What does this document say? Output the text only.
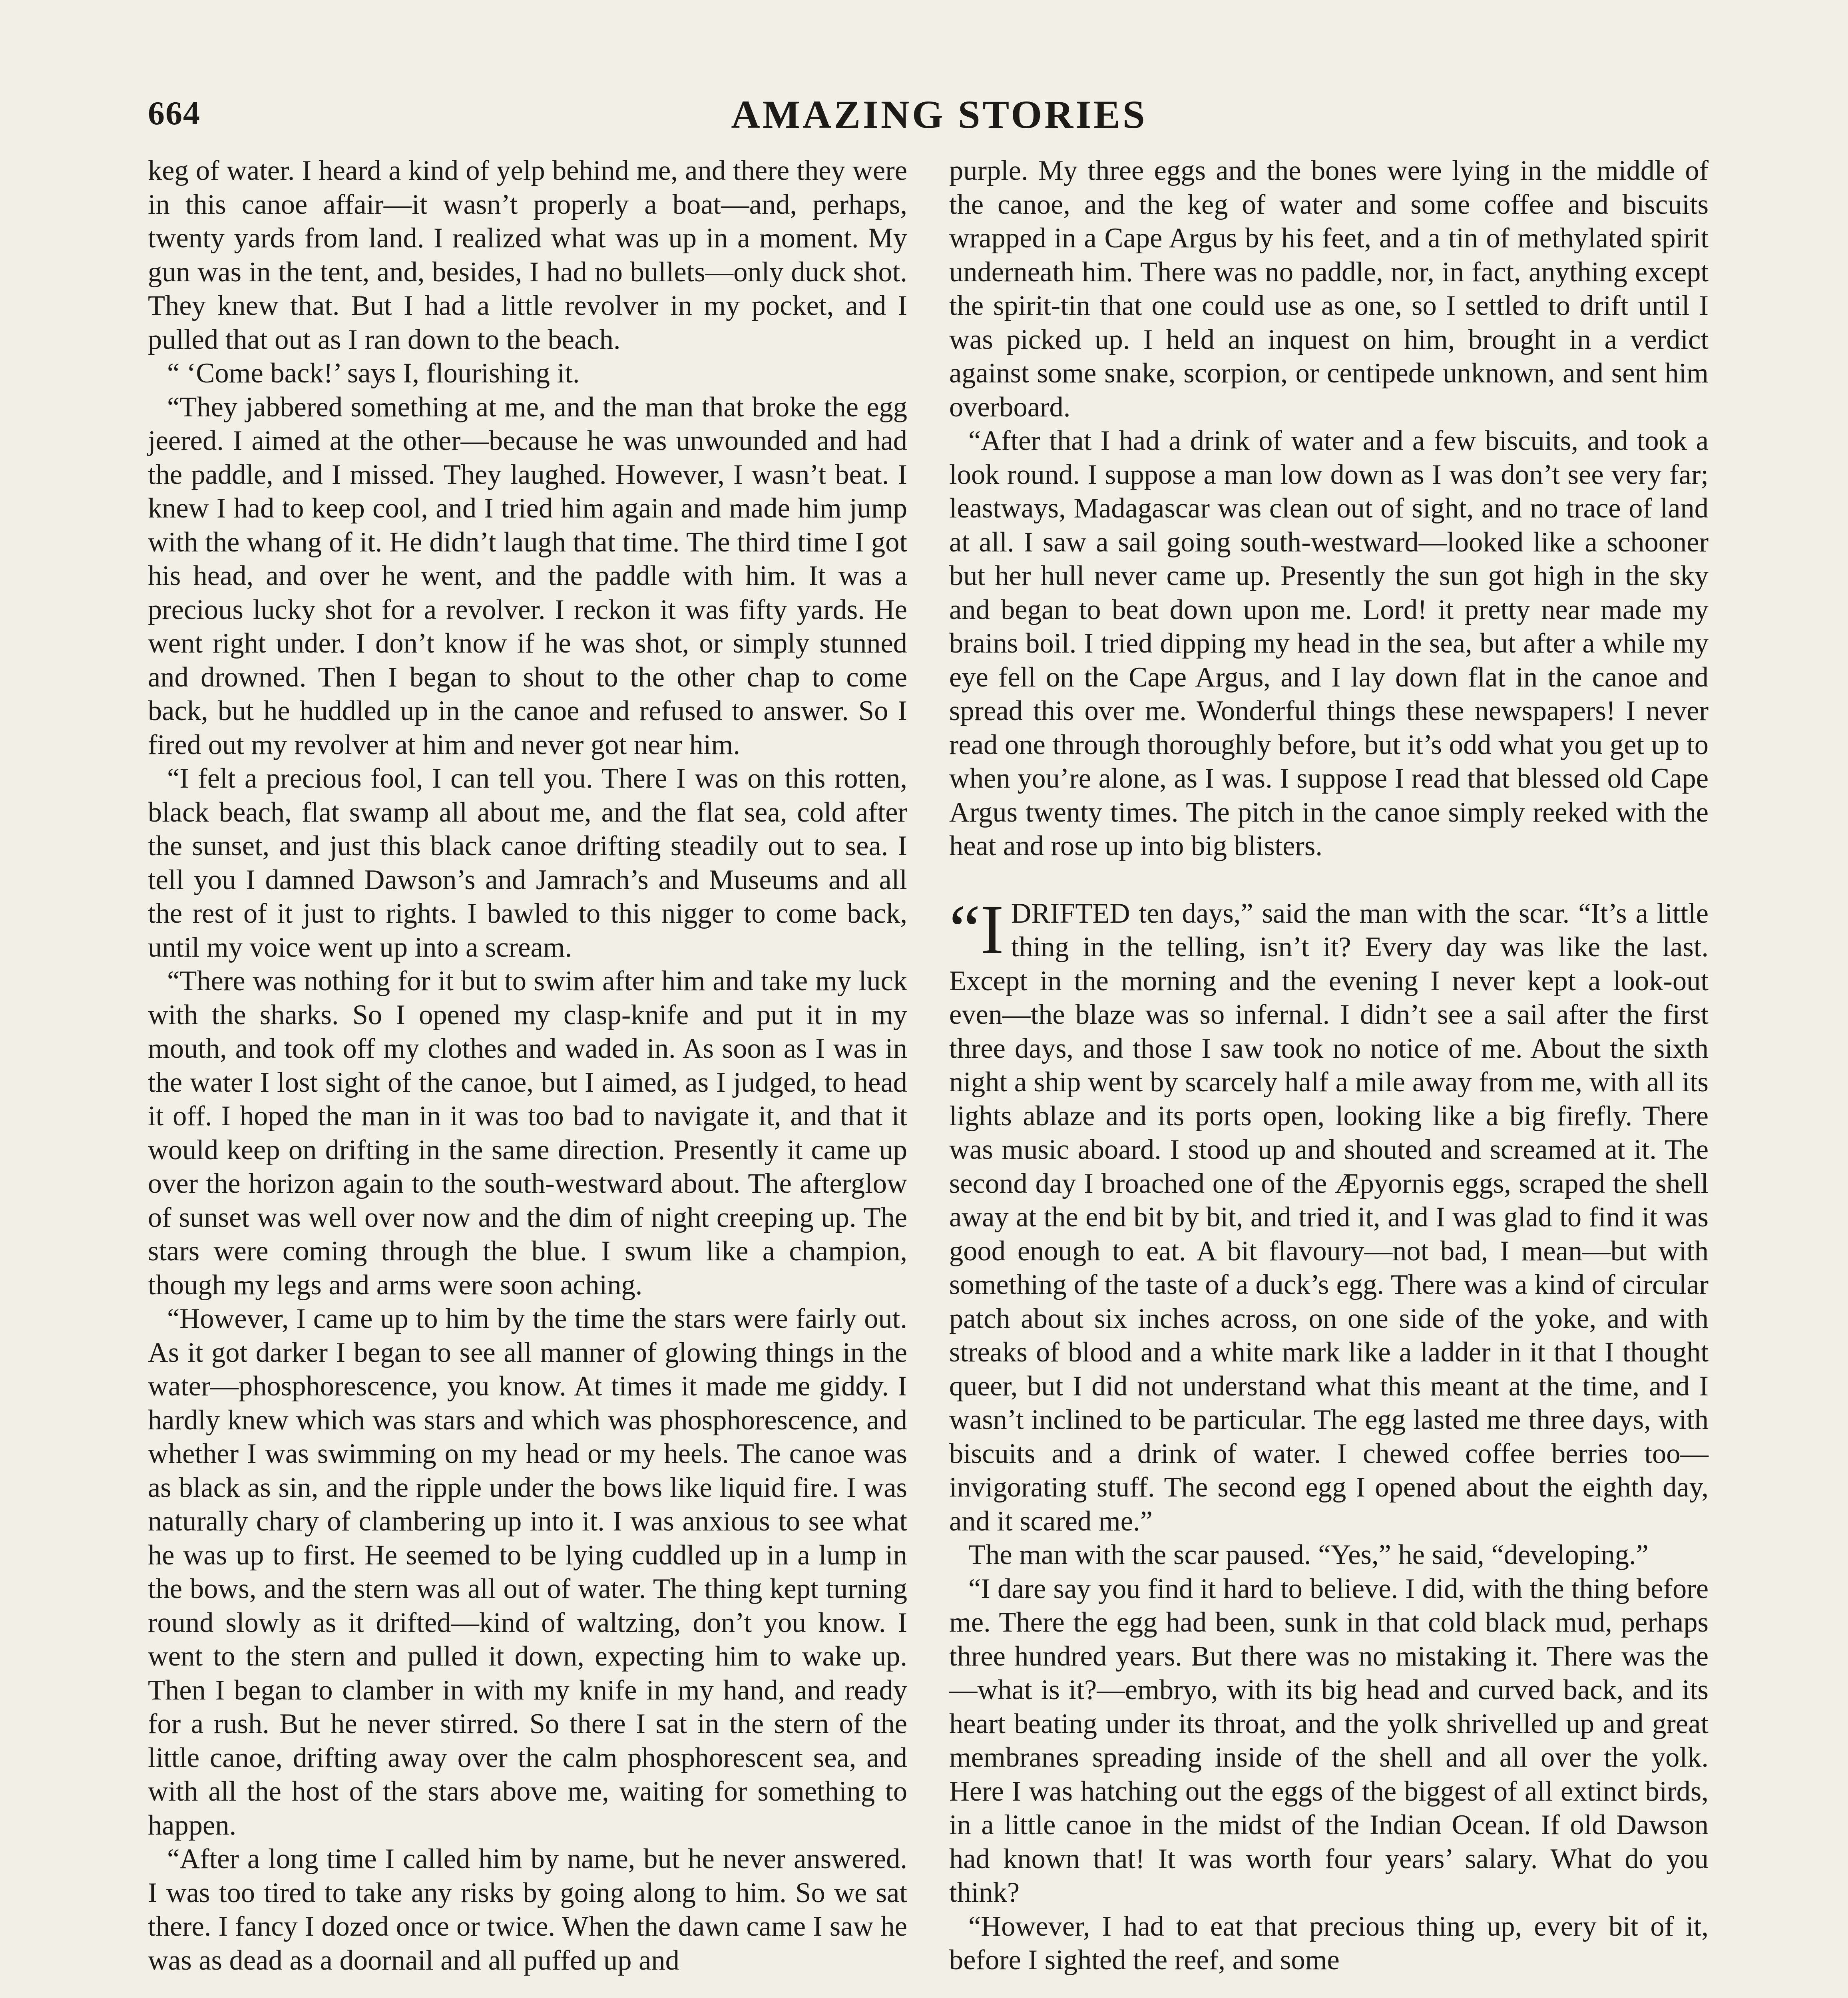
664	AMAZING STORIES

keg of water. I heard a kind of yelp behind me, and there they were in this canoe affair—it wasn’t properly a boat—and, perhaps, twenty yards from land. I realized what was up in a moment. My gun was in the tent, and, besides, I had no bullets—only duck shot. They knew that. But I had a little revolver in my pocket, and I pulled that out as I ran down to the beach.

“ ‘Come back!’ says I, flourishing it.

“They jabbered something at me, and the man that broke the egg jeered. I aimed at the other—because he was unwounded and had the paddle, and I missed. They laughed. However, I wasn’t beat. I knew I had to keep cool, and I tried him again and made him jump with the whang of it. He didn’t laugh that time. The third time I got his head, and over he went, and the paddle with him. It was a precious lucky shot for a revolver. I reckon it was fifty yards. He went right under. I don’t know if he was shot, or simply stunned and drowned. Then I began to shout to the other chap to come back, but he huddled up in the canoe and refused to answer. So I fired out my revolver at him and never got near him.

“I felt a precious fool, I can tell you. There I was on this rotten, black beach, flat swamp all about me, and the flat sea, cold after the sunset, and just this black canoe drifting steadily out to sea. I tell you I damned Dawson’s and Jamrach’s and Museums and all the rest of it just to rights. I bawled to this nigger to come back, until my voice went up into a scream.

“There was nothing for it but to swim after him and take my luck with the sharks. So I opened my clasp-knife and put it in my mouth, and took off my clothes and waded in. As soon as I was in the water I lost sight of the canoe, but I aimed, as I judged, to head it off. I hoped the man in it was too bad to navigate it, and that it would keep on drifting in the same direction. Presently it came up over the horizon again to the south-westward about. The afterglow of sunset was well over now and the dim of night creeping up. The stars were coming through the blue. I swum like a champion, though my legs and arms were soon aching.

“However, I came up to him by the time the stars were fairly out. As it got darker I began to see all manner of glowing things in the water—phosphorescence, you know. At times it made me giddy. I hardly knew which was stars and which was phosphorescence, and whether I was swimming on my head or my heels. The canoe was as black as sin, and the ripple under the bows like liquid fire. I was naturally chary of clambering up into it. I was anxious to see what he was up to first. He seemed to be lying cuddled up in a lump in the bows, and the stern was all out of water. The thing kept turning round slowly as it drifted—kind of waltzing, don’t you know. I went to the stern and pulled it down, expecting him to wake up. Then I began to clamber in with my knife in my hand, and ready for a rush. But he never stirred. So there I sat in the stern of the little canoe, drifting away over the calm phosphorescent sea, and with all the host of the stars above me, waiting for something to happen.

“After a long time I called him by name, but he never answered. I was too tired to take any risks by going along to him. So we sat there. I fancy I dozed once or twice. When the dawn came I saw he was as dead as a doornail and all puffed up and

purple. My three eggs and the bones were lying in the middle of the canoe, and the keg of water and some coffee and biscuits wrapped in a Cape Argus by his feet, and a tin of methylated spirit underneath him. There was no paddle, nor, in fact, anything except the spirit-tin that one could use as one, so I settled to drift until I was picked up. I held an inquest on him, brought in a verdict against some snake, scorpion, or centipede unknown, and sent him overboard.

“After that I had a drink of water and a few biscuits, and took a look round. I suppose a man low down as I was don’t see very far; leastways, Madagascar was clean out of sight, and no trace of land at all. I saw a sail going south-westward—looked like a schooner but her hull never came up. Presently the sun got high in the sky and began to beat down upon me. Lord! it pretty near made my brains boil. I tried dipping my head in the sea, but after a while my eye fell on the Cape Argus, and I lay down flat in the canoe and spread this over me. Wonderful things these newspapers! I never read one through thoroughly before, but it’s odd what you get up to when you’re alone, as I was. I suppose I read that blessed old Cape Argus twenty times. The pitch in the canoe simply reeked with the heat and rose up into big blisters.

“IDRIFTED ten days,” said the man with the scar. “It’s a little thing in the telling, isn’t it? Every day was like the last. Except in the morning and the evening I never kept a look-out even—the blaze was so infernal. I didn’t see a sail after the first three days, and those I saw took no notice of me. About the sixth night a ship went by scarcely half a mile away from me, with all its lights ablaze and its ports open, looking like a big firefly. There was music aboard. I stood up and shouted and screamed at it. The second day I broached one of the Æpyornis eggs, scraped the shell away at the end bit by bit, and tried it, and I was glad to find it was good enough to eat. A bit flavoury—not bad, I mean—but with something of the taste of a duck’s egg. There was a kind of circular patch about six inches across, on one side of the yoke, and with streaks of blood and a white mark like a ladder in it that I thought queer, but I did not understand what this meant at the time, and I wasn’t inclined to be particular. The egg lasted me three days, with biscuits and a drink of water. I chewed coffee berries too—invigorating stuff. The second egg I opened about the eighth day, and it scared me.”

The man with the scar paused. “Yes,” he said, “developing.”

“I dare say you find it hard to believe. I did, with the thing before me. There the egg had been, sunk in that cold black mud, perhaps three hundred years. But there was no mistaking it. There was the—what is it?—embryo, with its big head and curved back, and its heart beating under its throat, and the yolk shrivelled up and great membranes spreading inside of the shell and all over the yolk. Here I was hatching out the eggs of the biggest of all extinct birds, in a little canoe in the midst of the Indian Ocean. If old Dawson had known that! It was worth four years’ salary. What do you think?

“However, I had to eat that precious thing up, every bit of it, before I sighted the reef, and some
